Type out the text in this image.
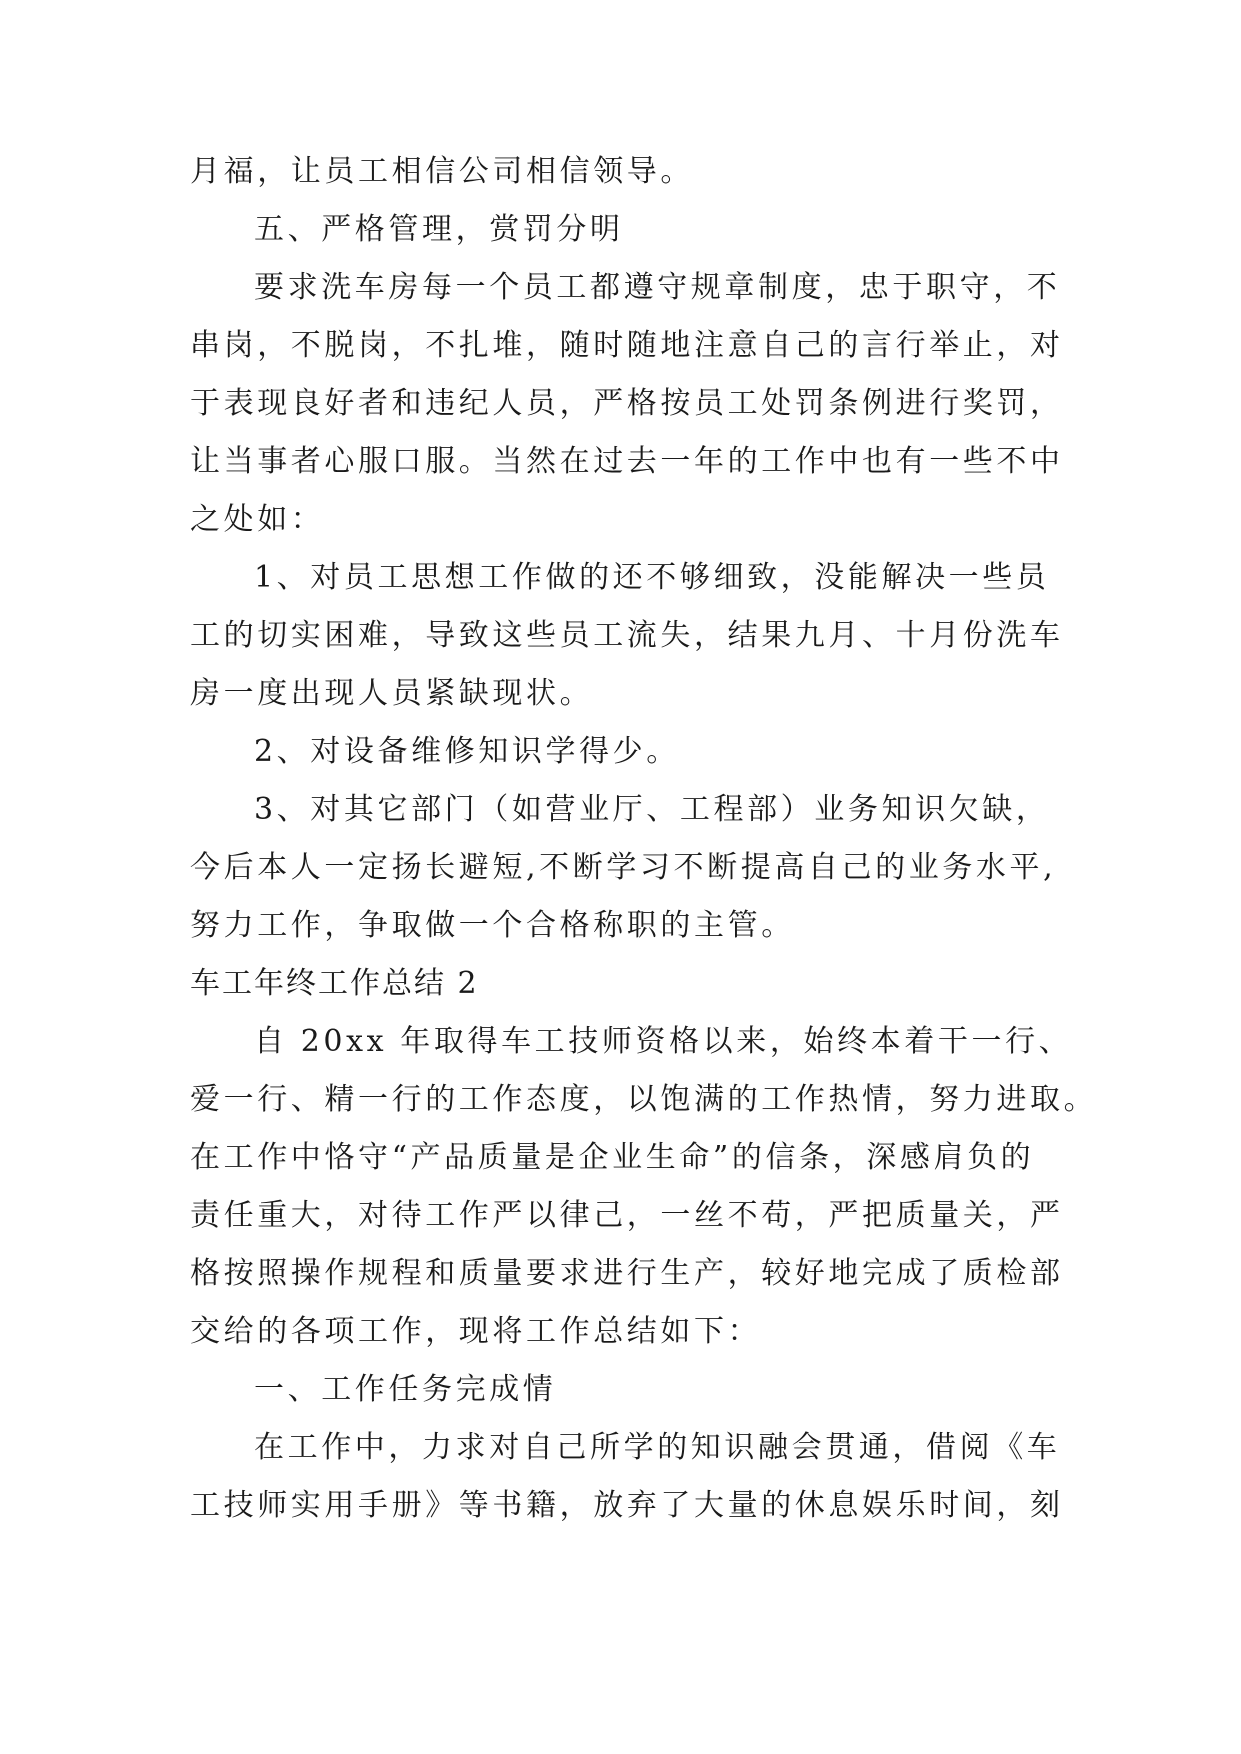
月福，让员工相信公司相信领导。
五、严格管理，赏罚分明
要求洗车房每一个员工都遵守规章制度，忠于职守，不
串岗，不脱岗，不扎堆，随时随地注意自己的言行举止，对
于表现良好者和违纪人员，严格按员工处罚条例进行奖罚，
让当事者心服口服。当然在过去一年的工作中也有一些不中
之处如：
1、对员工思想工作做的还不够细致，没能解决一些员
工的切实困难，导致这些员工流失，结果九月、十月份洗车
房一度出现人员紧缺现状。
2、对设备维修知识学得少。
3、对其它部门（如营业厅、工程部）业务知识欠缺，
今后本人一定扬长避短,不断学习不断提高自己的业务水平,
努力工作，争取做一个合格称职的主管。
车工年终工作总结 2
自 20xx 年取得车工技师资格以来，始终本着干一行、
爱一行、精一行的工作态度，以饱满的工作热情，努力进取。
在工作中恪守“产品质量是企业生命”的信条，深感肩负的
责任重大，对待工作严以律己，一丝不苟，严把质量关，严
格按照操作规程和质量要求进行生产，较好地完成了质检部
交给的各项工作，现将工作总结如下：
一、工作任务完成情
在工作中，力求对自己所学的知识融会贯通，借阅《车
工技师实用手册》等书籍，放弃了大量的休息娱乐时间，刻
